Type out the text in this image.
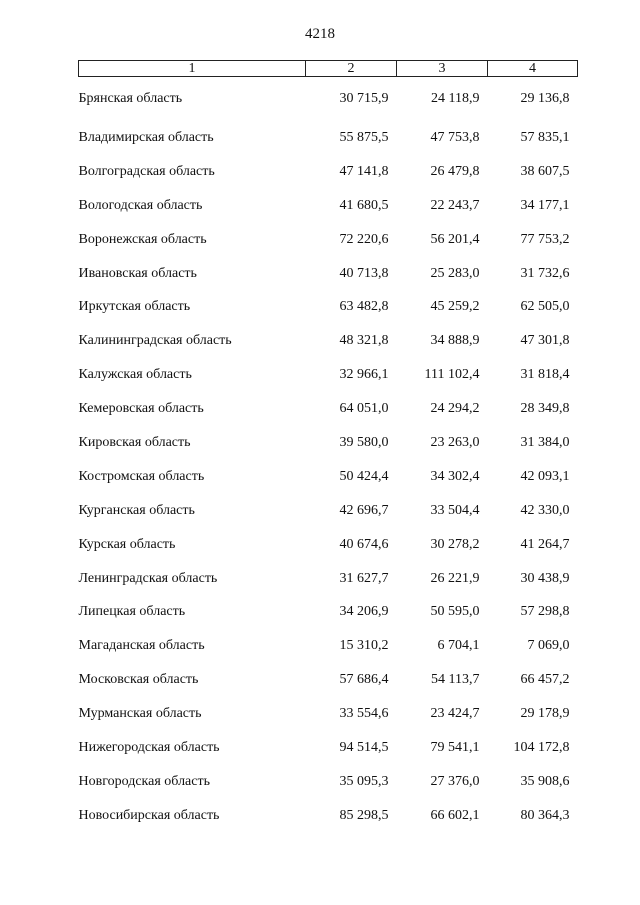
4218
1	2	3	4
Брянская область	30 715,9	24 118,9	29 136,8
Владимирская область	55 875,5	47 753,8	57 835,1
Волгоградская область	47 141,8	26 479,8	38 607,5
Вологодская область	41 680,5	22 243,7	34 177,1
Воронежская область	72 220,6	56 201,4	77 753,2
Ивановская область	40 713,8	25 283,0	31 732,6
Иркутская область	63 482,8	45 259,2	62 505,0
Калининградская область	48 321,8	34 888,9	47 301,8
Калужская область	32 966,1	111 102,4	31 818,4
Кемеровская область	64 051,0	24 294,2	28 349,8
Кировская область	39 580,0	23 263,0	31 384,0
Костромская область	50 424,4	34 302,4	42 093,1
Курганская область	42 696,7	33 504,4	42 330,0
Курская область	40 674,6	30 278,2	41 264,7
Ленинградская область	31 627,7	26 221,9	30 438,9
Липецкая область	34 206,9	50 595,0	57 298,8
Магаданская область	15 310,2	6 704,1	7 069,0
Московская область	57 686,4	54 113,7	66 457,2
Мурманская область	33 554,6	23 424,7	29 178,9
Нижегородская область	94 514,5	79 541,1	104 172,8
Новгородская область	35 095,3	27 376,0	35 908,6
Новосибирская область	85 298,5	66 602,1	80 364,3
